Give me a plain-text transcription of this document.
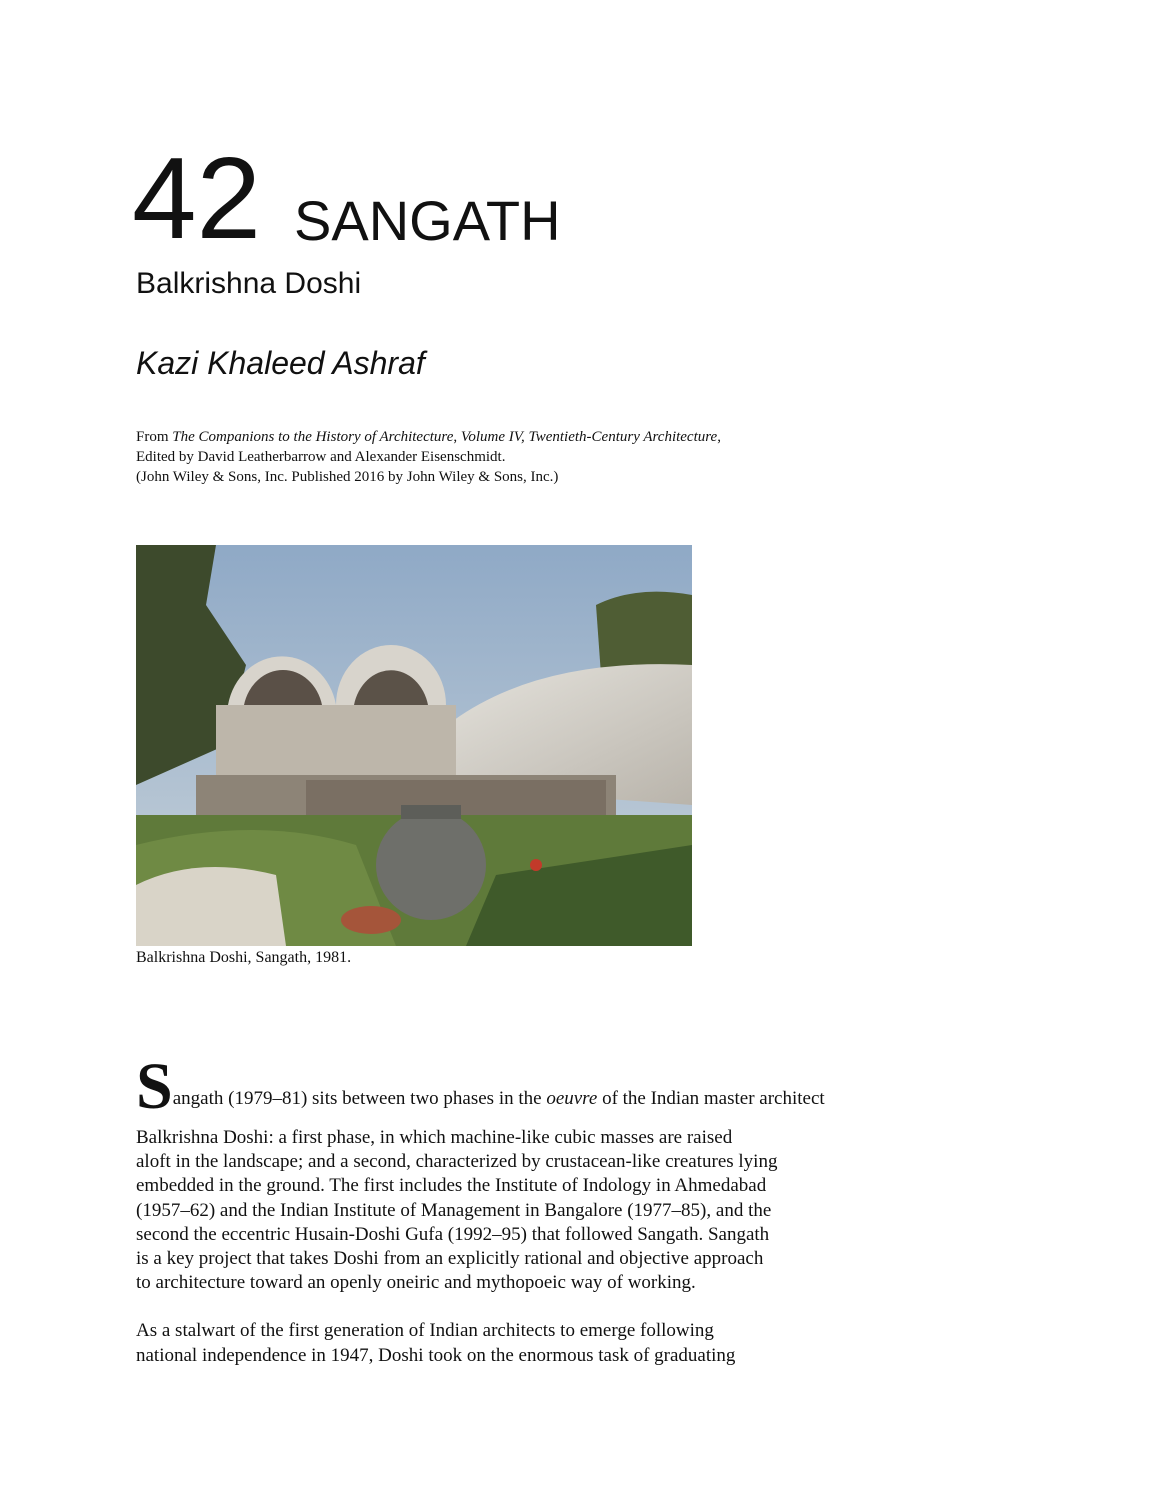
42 SANGATH
Balkrishna Doshi
Kazi Khaleed Ashraf
From The Companions to the History of Architecture, Volume IV, Twentieth-Century Architecture,
Edited by David Leatherbarrow and Alexander Eisenschmidt.
(John Wiley & Sons, Inc. Published 2016 by John Wiley & Sons, Inc.)
Balkrishna Doshi, Sangath, 1981.
Sangath (1979–81) sits between two phases in the oeuvre of the Indian master architect
Balkrishna Doshi: a first phase, in which machine-like cubic masses are raised
aloft in the landscape; and a second, characterized by crustacean-like creatures lying
embedded in the ground. The first includes the Institute of Indology in Ahmedabad
(1957–62) and the Indian Institute of Management in Bangalore (1977–85), and the
second the eccentric Husain-Doshi Gufa (1992–95) that followed Sangath. Sangath
is a key project that takes Doshi from an explicitly rational and objective approach
to architecture toward an openly oneiric and mythopoeic way of working.
As a stalwart of the first generation of Indian architects to emerge following
national independence in 1947, Doshi took on the enormous task of graduating
